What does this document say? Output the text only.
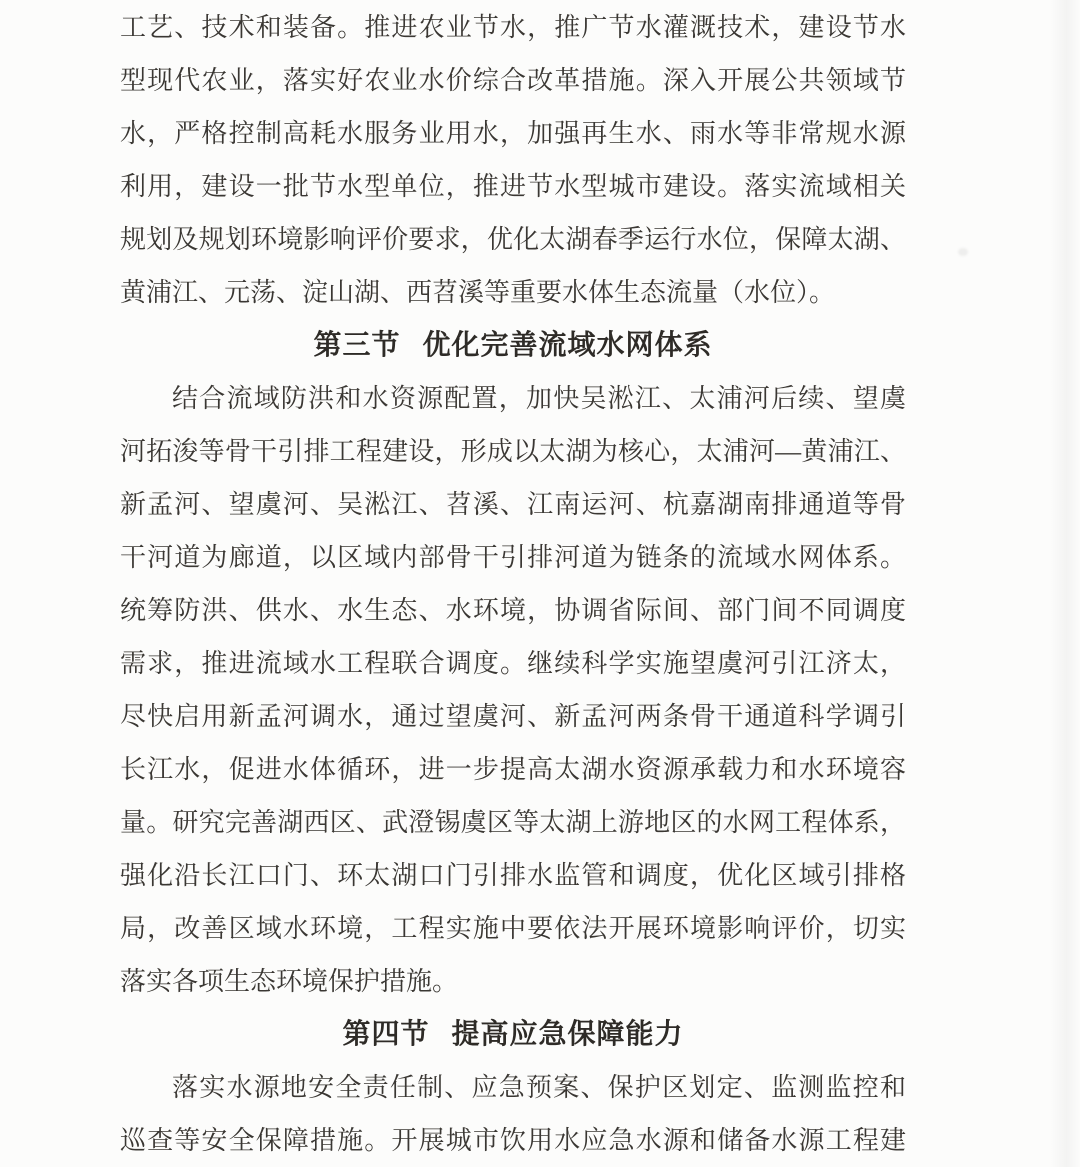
工艺、技术和装备。推进农业节水，推广节水灌溉技术，建设节水

型现代农业，落实好农业水价综合改革措施。深入开展公共领域节

水，严格控制高耗水服务业用水，加强再生水、雨水等非常规水源

利用，建设一批节水型单位，推进节水型城市建设。落实流域相关

规划及规划环境影响评价要求，优化太湖春季运行水位，保障太湖、

黄浦江、元荡、淀山湖、西苕溪等重要水体生态流量（水位）。

第三节 优化完善流域水网体系

结合流域防洪和水资源配置，加快吴淞江、太浦河后续、望虞

河拓浚等骨干引排工程建设，形成以太湖为核心，太浦河—黄浦江、

新孟河、望虞河、吴淞江、苕溪、江南运河、杭嘉湖南排通道等骨

干河道为廊道，以区域内部骨干引排河道为链条的流域水网体系。

统筹防洪、供水、水生态、水环境，协调省际间、部门间不同调度

需求，推进流域水工程联合调度。继续科学实施望虞河引江济太，

尽快启用新孟河调水，通过望虞河、新孟河两条骨干通道科学调引

长江水，促进水体循环，进一步提高太湖水资源承载力和水环境容

量。研究完善湖西区、武澄锡虞区等太湖上游地区的水网工程体系，

强化沿长江口门、环太湖口门引排水监管和调度，优化区域引排格

局，改善区域水环境，工程实施中要依法开展环境影响评价，切实

落实各项生态环境保护措施。

第四节 提高应急保障能力

落实水源地安全责任制、应急预案、保护区划定、监测监控和

巡查等安全保障措施。开展城市饮用水应急水源和储备水源工程建
